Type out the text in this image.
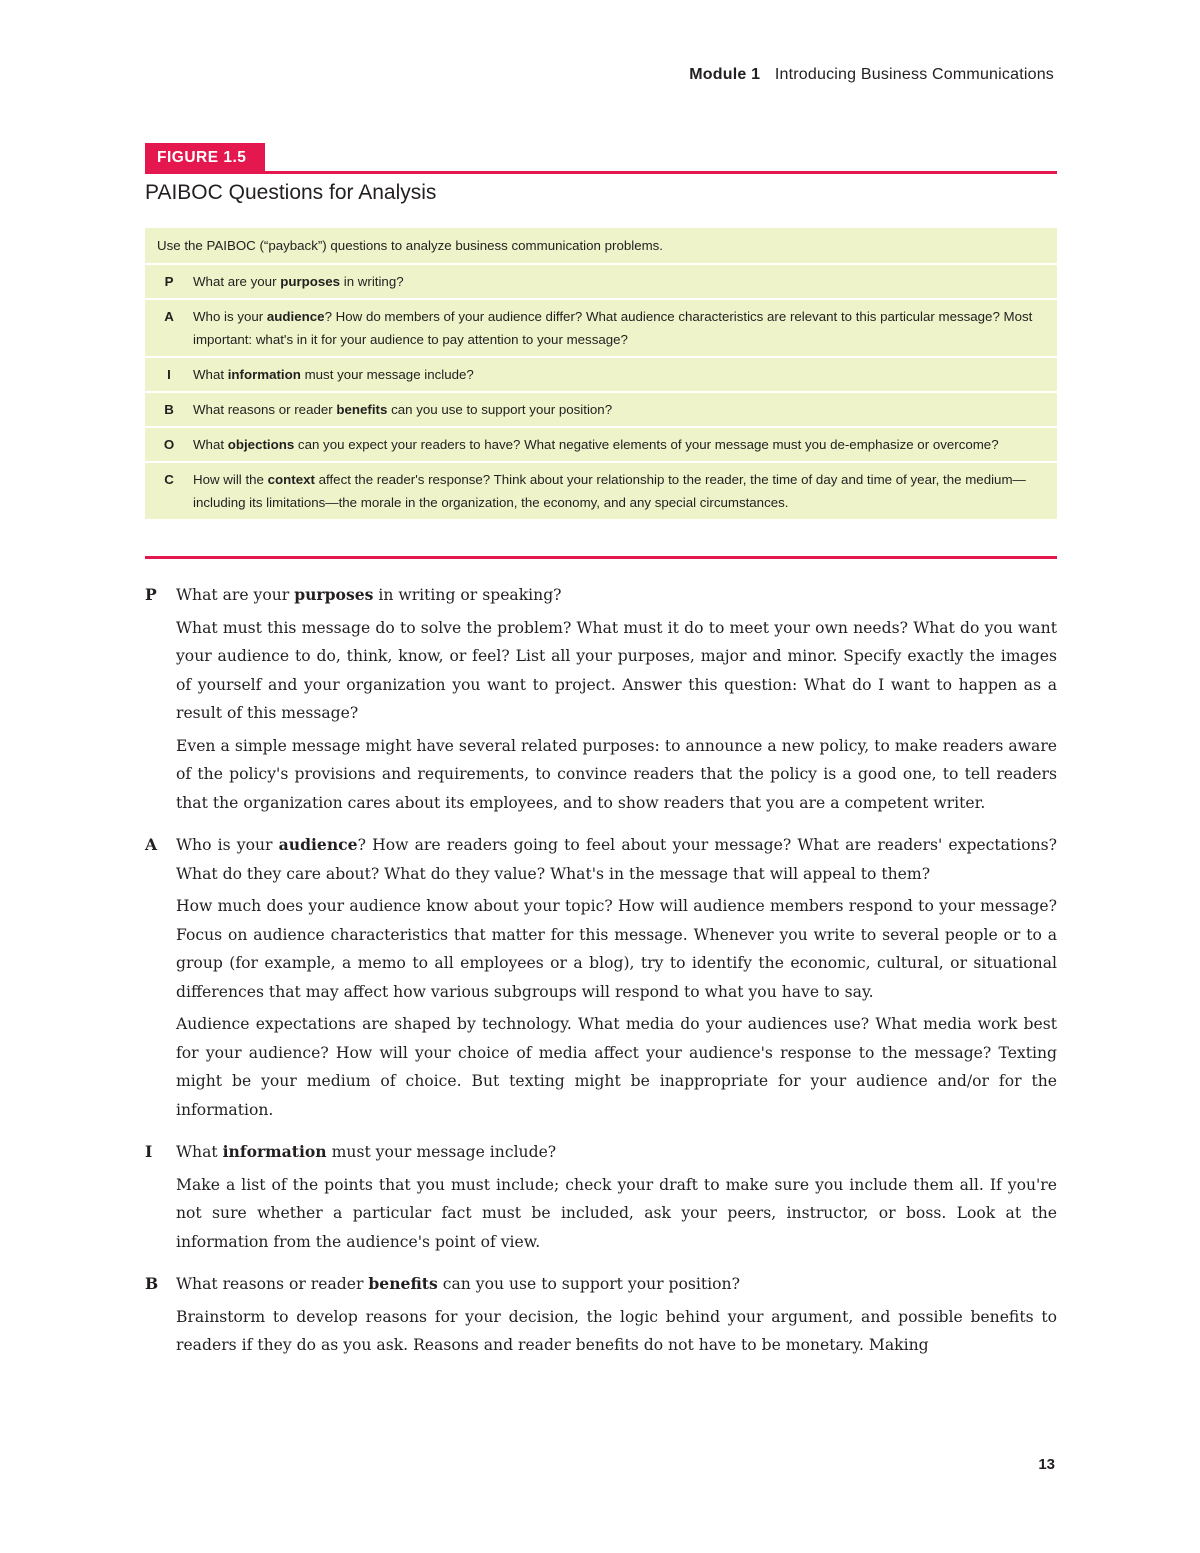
Module 1 Introducing Business Communications
FIGURE 1.5
PAIBOC Questions for Analysis
Use the PAIBOC (“payback”) questions to analyze business communication problems.
P	What are your purposes in writing?
A	Who is your audience? How do members of your audience differ? What audience characteristics are relevant to this particular message? Most important: what's in it for your audience to pay attention to your message?
I	What information must your message include?
B	What reasons or reader benefits can you use to support your position?
O	What objections can you expect your readers to have? What negative elements of your message must you de-emphasize or overcome?
C	How will the context affect the reader's response? Think about your relationship to the reader, the time of day and time of year, the medium—including its limitations—the morale in the organization, the economy, and any special circumstances.
P	What are your purposes in writing or speaking?
What must this message do to solve the problem? What must it do to meet your own needs? What do you want your audience to do, think, know, or feel? List all your purposes, major and minor. Specify exactly the images of yourself and your organization you want to project. Answer this question: What do I want to happen as a result of this message?
Even a simple message might have several related purposes: to announce a new policy, to make readers aware of the policy's provisions and requirements, to convince readers that the policy is a good one, to tell readers that the organization cares about its employees, and to show readers that you are a competent writer.
A	Who is your audience? How are readers going to feel about your message? What are readers' expectations? What do they care about? What do they value? What's in the message that will appeal to them?
How much does your audience know about your topic? How will audience members respond to your message? Focus on audience characteristics that matter for this message. Whenever you write to several people or to a group (for example, a memo to all employees or a blog), try to identify the economic, cultural, or situational differences that may affect how various subgroups will respond to what you have to say.
Audience expectations are shaped by technology. What media do your audiences use? What media work best for your audience? How will your choice of media affect your audience's response to the message? Texting might be your medium of choice. But texting might be inappropriate for your audience and/or for the information.
I	What information must your message include?
Make a list of the points that you must include; check your draft to make sure you include them all. If you're not sure whether a particular fact must be included, ask your peers, instructor, or boss. Look at the information from the audience's point of view.
B	What reasons or reader benefits can you use to support your position?
Brainstorm to develop reasons for your decision, the logic behind your argument, and possible benefits to readers if they do as you ask. Reasons and reader benefits do not have to be monetary. Making
13
